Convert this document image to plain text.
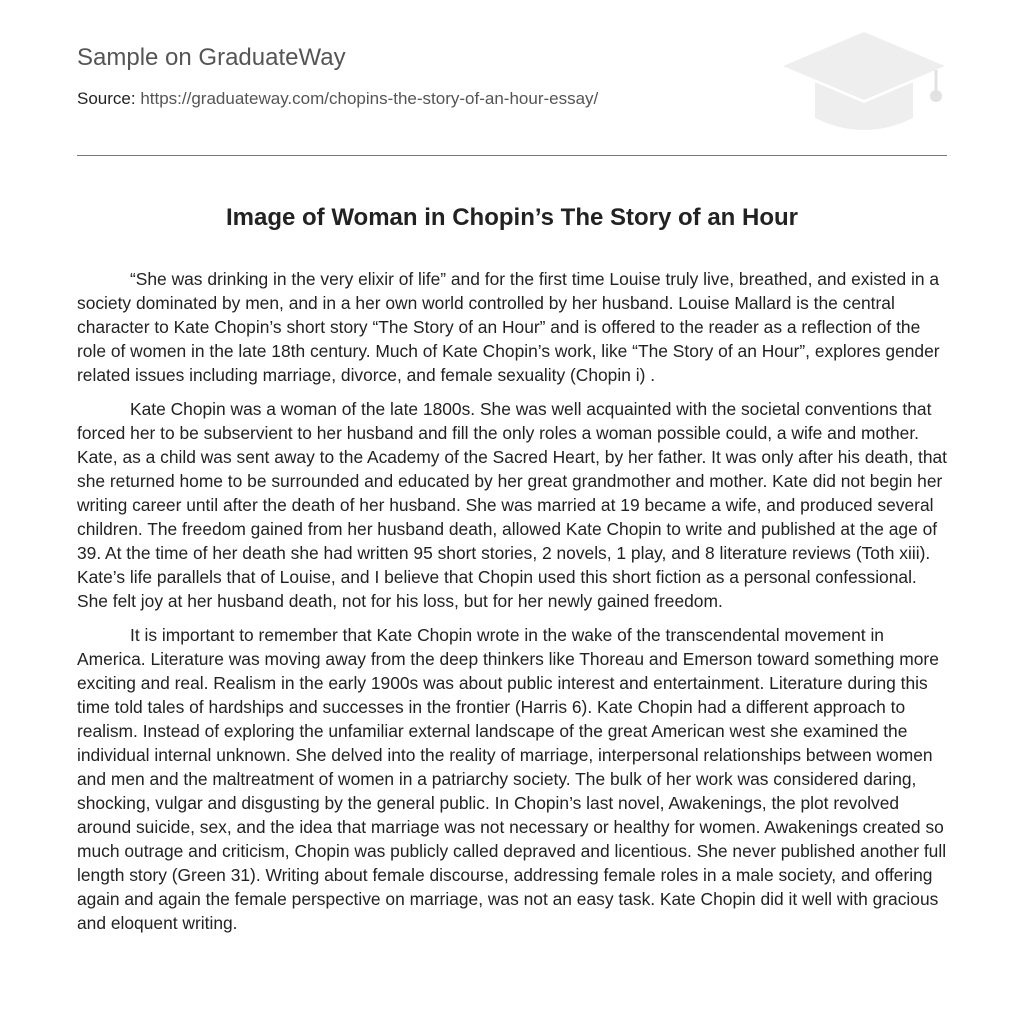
Sample on GraduateWay
Source: https://graduateway.com/chopins-the-story-of-an-hour-essay/
Image of Woman in Chopin’s The Story of an Hour

“She was drinking in the very elixir of life” and for the first time Louise truly live, breathed, and existed in a society dominated by men, and in a her own world controlled by her husband. Louise Mallard is the central character to Kate Chopin’s short story “The Story of an Hour” and is offered to the reader as a reflection of the role of women in the late 18th century. Much of Kate Chopin’s work, like “The Story of an Hour”, explores gender related issues including marriage, divorce, and female sexuality (Chopin i) .

Kate Chopin was a woman of the late 1800s. She was well acquainted with the societal conventions that forced her to be subservient to her husband and fill the only roles a woman possible could, a wife and mother. Kate, as a child was sent away to the Academy of the Sacred Heart, by her father. It was only after his death, that she returned home to be surrounded and educated by her great grandmother and mother. Kate did not begin her writing career until after the death of her husband. She was married at 19 became a wife, and produced several children. The freedom gained from her husband death, allowed Kate Chopin to write and published at the age of 39. At the time of her death she had written 95 short stories, 2 novels, 1 play, and 8 literature reviews (Toth xiii). Kate’s life parallels that of Louise, and I believe that Chopin used this short fiction as a personal confessional. She felt joy at her husband death, not for his loss, but for her newly gained freedom.

It is important to remember that Kate Chopin wrote in the wake of the transcendental movement in America. Literature was moving away from the deep thinkers like Thoreau and Emerson toward something more exciting and real. Realism in the early 1900s was about public interest and entertainment. Literature during this time told tales of hardships and successes in the frontier (Harris 6). Kate Chopin had a different approach to realism. Instead of exploring the unfamiliar external landscape of the great American west she examined the individual internal unknown. She delved into the reality of marriage, interpersonal relationships between women and men and the maltreatment of women in a patriarchy society. The bulk of her work was considered daring, shocking, vulgar and disgusting by the general public. In Chopin’s last novel, Awakenings, the plot revolved around suicide, sex, and the idea that marriage was not necessary or healthy for women. Awakenings created so much outrage and criticism, Chopin was publicly called depraved and licentious. She never published another full length story (Green 31). Writing about female discourse, addressing female roles in a male society, and offering again and again the female perspective on marriage, was not an easy task. Kate Chopin did it well with gracious and eloquent writing.
